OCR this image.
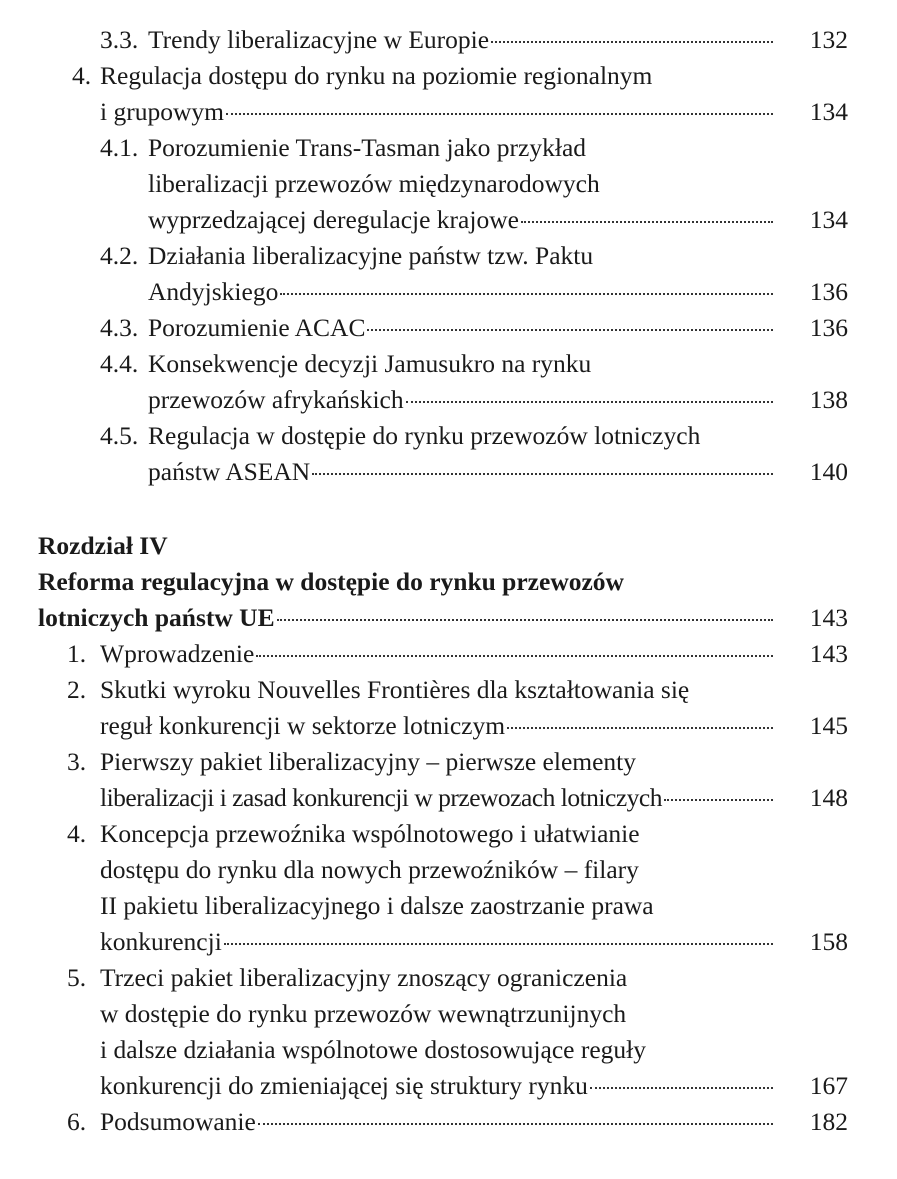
3.3. Trendy liberalizacyjne w Europie	132
4. Regulacja dostępu do rynku na poziomie regionalnym
i grupowym	134
4.1. Porozumienie Trans-Tasman jako przykład
liberalizacji przewozów międzynarodowych
wyprzedzającej deregulacje krajowe	134
4.2. Działania liberalizacyjne państw tzw. Paktu
Andyjskiego	136
4.3. Porozumienie ACAC	136
4.4. Konsekwencje decyzji Jamusukro na rynku
przewozów afrykańskich	138
4.5. Regulacja w dostępie do rynku przewozów lotniczych
państw ASEAN	140
Rozdział IV
Reforma regulacyjna w dostępie do rynku przewozów
lotniczych państw UE	143
1. Wprowadzenie	143
2. Skutki wyroku Nouvelles Frontières dla kształtowania się
reguł konkurencji w sektorze lotniczym	145
3. Pierwszy pakiet liberalizacyjny – pierwsze elementy
liberalizacji i zasad konkurencji w przewozach lotniczych	148
4. Koncepcja przewoźnika wspólnotowego i ułatwianie
dostępu do rynku dla nowych przewoźników – filary
II pakietu liberalizacyjnego i dalsze zaostrzanie prawa
konkurencji	158
5. Trzeci pakiet liberalizacyjny znoszący ograniczenia
w dostępie do rynku przewozów wewnątrzunijnych
i dalsze działania wspólnotowe dostosowujące reguły
konkurencji do zmieniającej się struktury rynku	167
6. Podsumowanie	182
